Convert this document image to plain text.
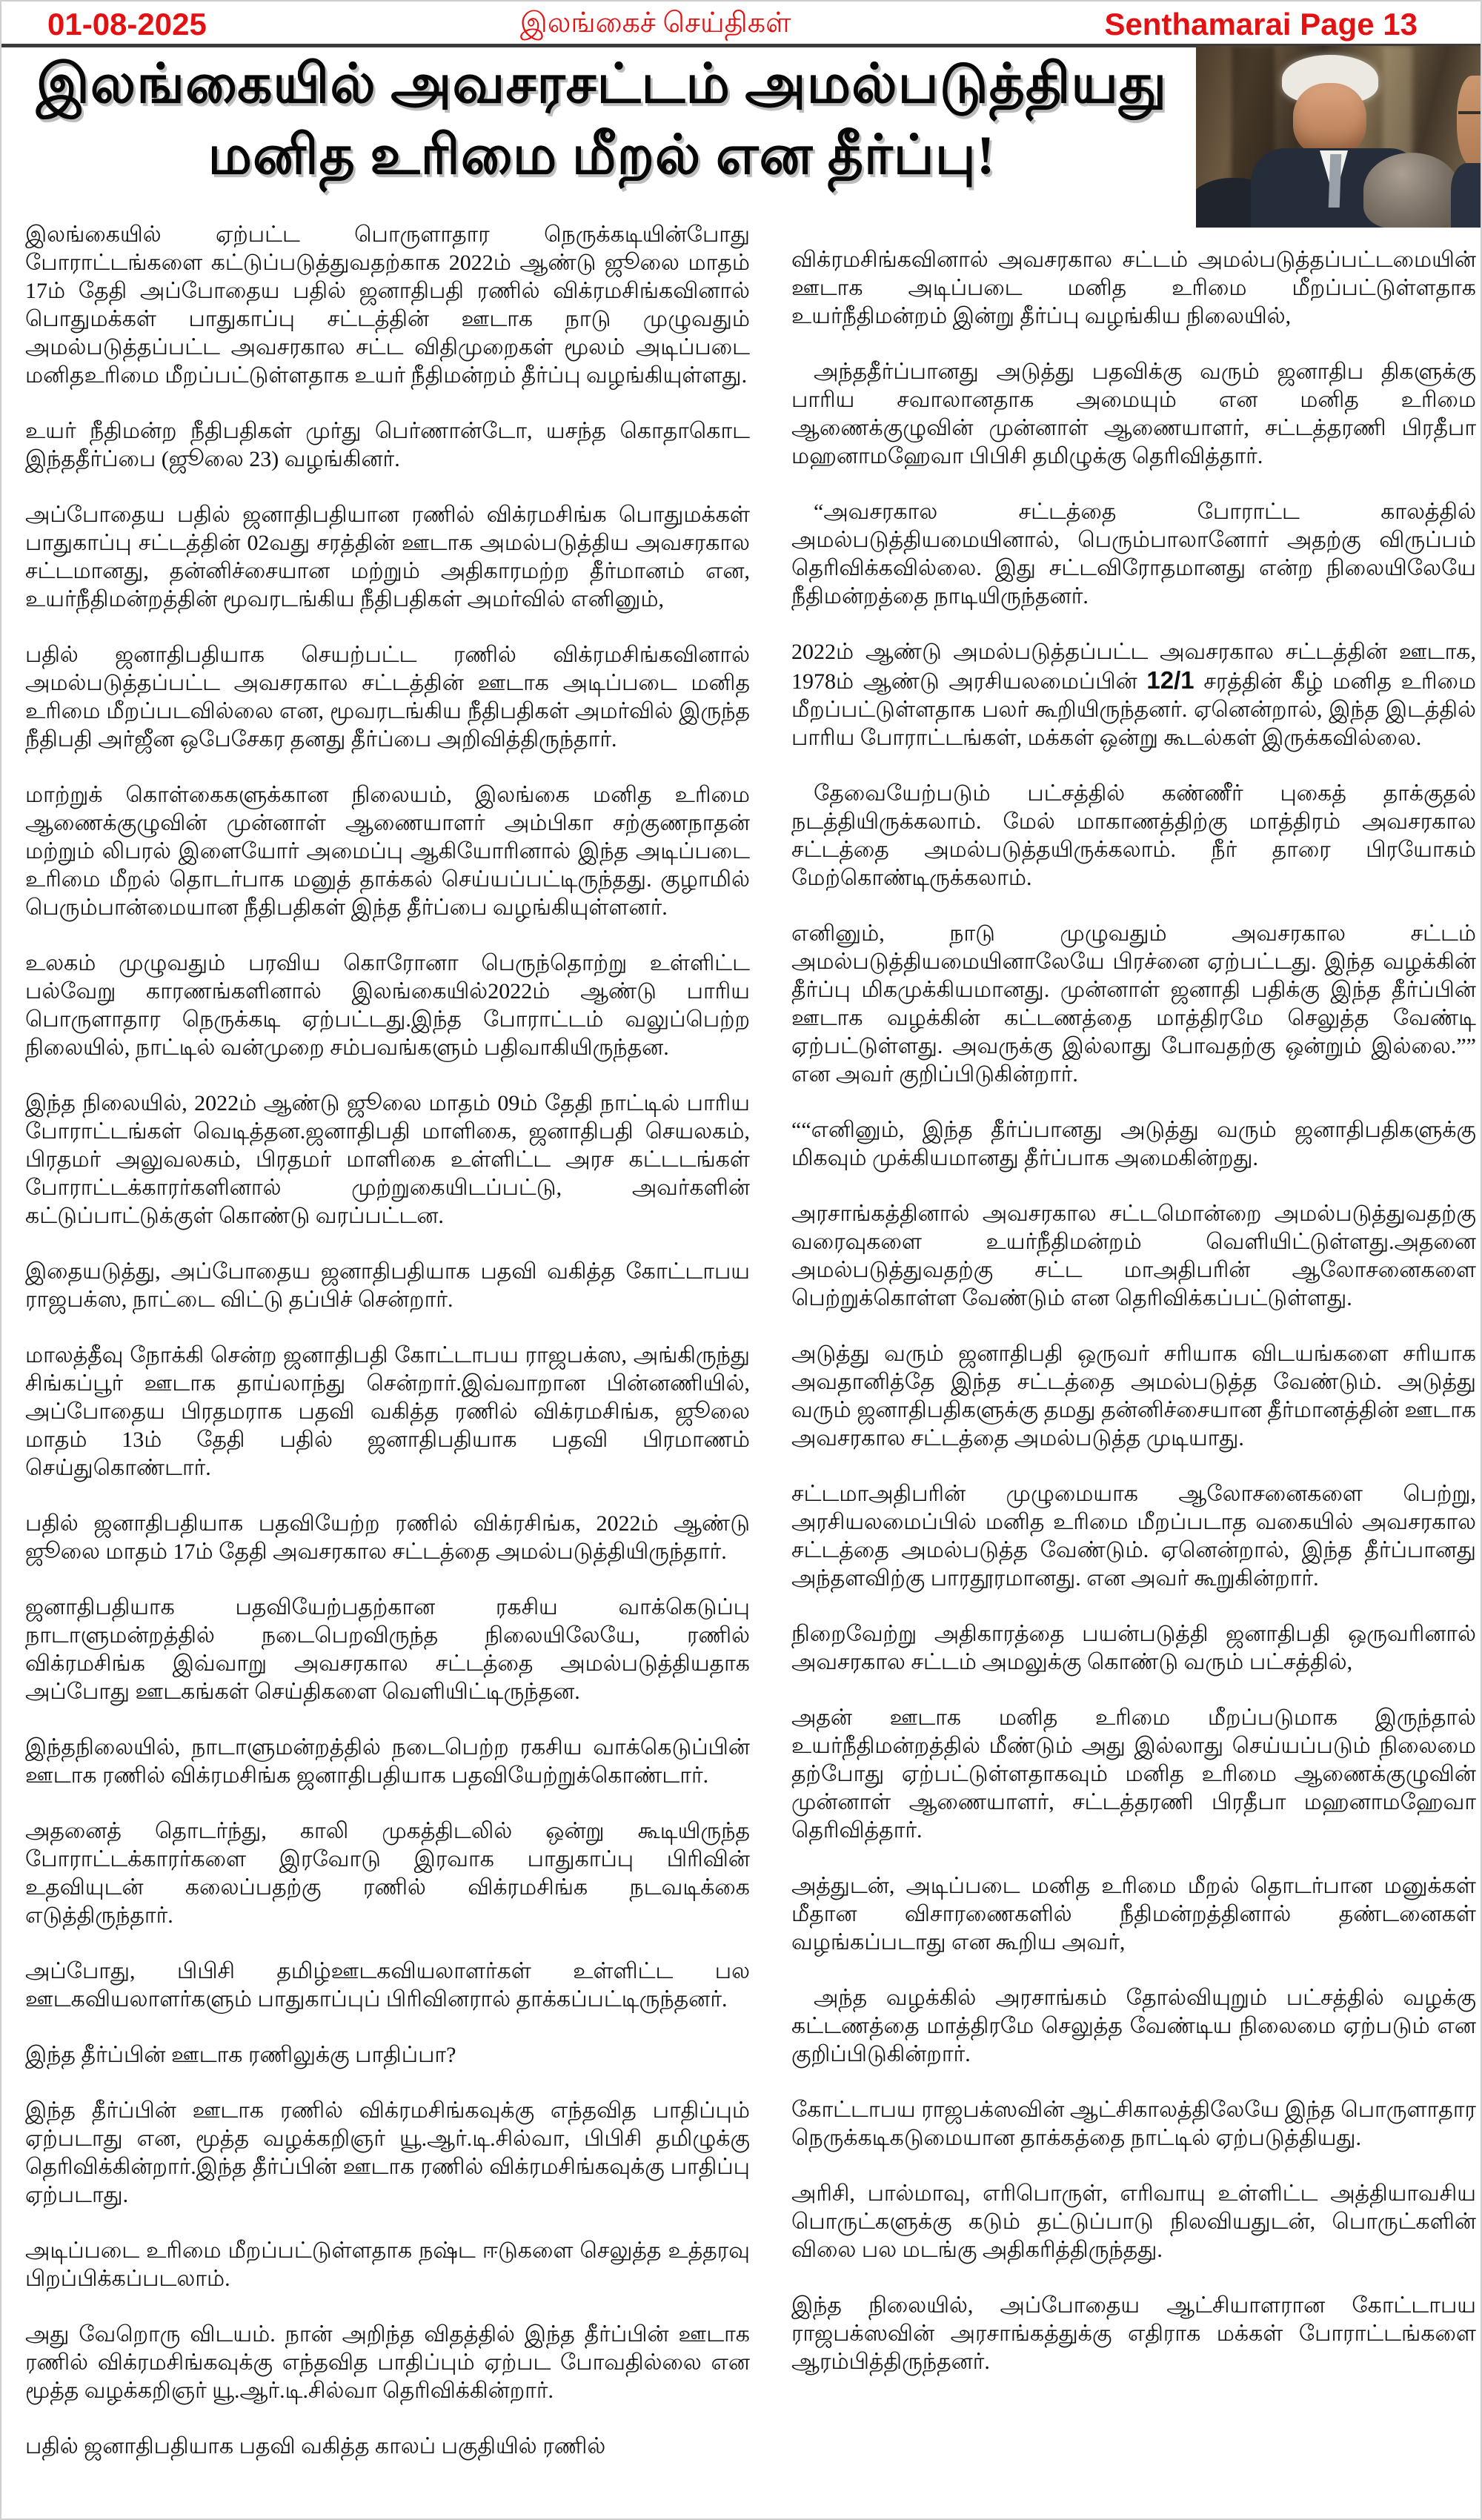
01-08-2025	இலங்கைச் செய்திகள்	Senthamarai Page 13
இலங்கையில் அவசரசட்டம் அமல்படுத்தியது
மனித உரிமை மீறல் என தீர்ப்பு!

இலங்கையில் ஏற்பட்ட பொருளாதார நெருக்கடியின்போது போராட்டங்களை கட்டுப்படுத்துவதற்காக 2022ம் ஆண்டு ஜூலை மாதம் 17ம் தேதி அப்போதைய பதில் ஜனாதிபதி ரணில் விக்ரமசிங்கவினால் பொதுமக்கள் பாதுகாப்பு சட்டத்தின் ஊடாக நாடு முழுவதும் அமல்படுத்தப்பட்ட அவசரகால சட்ட விதிமுறைகள் மூலம் அடிப்படை மனிதஉரிமை மீறப்பட்டுள்ளதாக உயர் நீதிமன்றம் தீர்ப்பு வழங்கியுள்ளது.

உயர் நீதிமன்ற நீதிபதிகள் முர்து பெர்ணான்டோ, யசந்த கொதாகொட இந்ததீர்ப்பை (ஜூலை 23) வழங்கினர்.

அப்போதைய பதில் ஜனாதிபதியான ரணில் விக்ரமசிங்க பொதுமக்கள் பாதுகாப்பு சட்டத்தின் 02வது சரத்தின் ஊடாக அமல்படுத்திய அவசரகால சட்டமானது, தன்னிச்சையான மற்றும் அதிகாரமற்ற தீர்மானம் என, உயர்நீதிமன்றத்தின் மூவரடங்கிய நீதிபதிகள் அமர்வில் எனினும்,

பதில் ஜனாதிபதியாக செயற்பட்ட ரணில் விக்ரமசிங்கவினால் அமல்படுத்தப்பட்ட அவசரகால சட்டத்தின் ஊடாக அடிப்படை மனித உரிமை மீறப்படவில்லை என, மூவரடங்கிய நீதிபதிகள் அமர்வில் இருந்த நீதிபதி அர்ஜீன ஒபேசேகர தனது தீர்ப்பை அறிவித்திருந்தார்.

மாற்றுக் கொள்கைகளுக்கான நிலையம், இலங்கை மனித உரிமை ஆணைக்குழுவின் முன்னாள் ஆணையாளர் அம்பிகா சற்குணநாதன் மற்றும் லிபரல் இளையோர் அமைப்பு ஆகியோரினால் இந்த அடிப்படை உரிமை மீறல் தொடர்பாக மனுத் தாக்கல் செய்யப்பட்டிருந்தது. குழாமில் பெரும்பான்மையான நீதிபதிகள் இந்த தீர்ப்பை வழங்கியுள்ளனர்.

உலகம் முழுவதும் பரவிய கொரோனா பெருந்தொற்று உள்ளிட்ட பல்வேறு காரணங்களினால் இலங்கையில்2022ம் ஆண்டு பாரிய பொருளாதார நெருக்கடி ஏற்பட்டது.இந்த போராட்டம் வலுப்பெற்ற நிலையில், நாட்டில் வன்முறை சம்பவங்களும் பதிவாகியிருந்தன.

இந்த நிலையில், 2022ம் ஆண்டு ஜூலை மாதம் 09ம் தேதி நாட்டில் பாரிய போராட்டங்கள் வெடித்தன.ஜனாதிபதி மாளிகை, ஜனாதிபதி செயலகம், பிரதமர் அலுவலகம், பிரதமர் மாளிகை உள்ளிட்ட அரச கட்டடங்கள் போராட்டக்காரர்களினால் முற்றுகையிடப்பட்டு, அவர்களின் கட்டுப்பாட்டுக்குள் கொண்டு வரப்பட்டன.

இதையடுத்து, அப்போதைய ஜனாதிபதியாக பதவி வகித்த கோட்டாபய ராஜபக்ஸ, நாட்டை விட்டு தப்பிச் சென்றார்.

மாலத்தீவு நோக்கி சென்ற ஜனாதிபதி கோட்டாபய ராஜபக்ஸ, அங்கிருந்து சிங்கப்பூர் ஊடாக தாய்லாந்து சென்றார்.இவ்வாறான பின்னணியில், அப்போதைய பிரதமராக பதவி வகித்த ரணில் விக்ரமசிங்க, ஜூலை மாதம் 13ம் தேதி பதில் ஜனாதிபதியாக பதவி பிரமாணம் செய்துகொண்டார்.

பதில் ஜனாதிபதியாக பதவியேற்ற ரணில் விக்ரசிங்க, 2022ம் ஆண்டு ஜூலை மாதம் 17ம் தேதி அவசரகால சட்டத்தை அமல்படுத்தியிருந்தார்.

ஜனாதிபதியாக பதவியேற்பதற்கான ரகசிய வாக்கெடுப்பு நாடாளுமன்றத்தில் நடைபெறவிருந்த நிலையிலேயே, ரணில் விக்ரமசிங்க இவ்வாறு அவசரகால சட்டத்தை அமல்படுத்தியதாக அப்போது ஊடகங்கள் செய்திகளை வெளியிட்டிருந்தன.

இந்தநிலையில், நாடாளுமன்றத்தில் நடைபெற்ற ரகசிய வாக்கெடுப்பின் ஊடாக ரணில் விக்ரமசிங்க ஜனாதிபதியாக பதவியேற்றுக்கொண்டார்.

அதனைத் தொடர்ந்து, காலி முகத்திடலில் ஒன்று கூடியிருந்த போராட்டக்காரர்களை இரவோடு இரவாக பாதுகாப்பு பிரிவின் உதவியுடன் கலைப்பதற்கு ரணில் விக்ரமசிங்க நடவடிக்கை எடுத்திருந்தார்.

அப்போது, பிபிசி தமிழ்ஊடகவியலாளர்கள் உள்ளிட்ட பல ஊடகவியலாளர்களும் பாதுகாப்புப் பிரிவினரால் தாக்கப்பட்டிருந்தனர்.

இந்த தீர்ப்பின் ஊடாக ரணிலுக்கு பாதிப்பா?

இந்த தீர்ப்பின் ஊடாக ரணில் விக்ரமசிங்கவுக்கு எந்தவித பாதிப்பும் ஏற்படாது என, மூத்த வழக்கறிஞர் யூ.ஆர்.டி.சில்வா, பிபிசி தமிழுக்கு தெரிவிக்கின்றார்.இந்த தீர்ப்பின் ஊடாக ரணில் விக்ரமசிங்கவுக்கு பாதிப்பு ஏற்படாது.

அடிப்படை உரிமை மீறப்பட்டுள்ளதாக நஷ்ட ஈடுகளை செலுத்த உத்தரவு பிறப்பிக்கப்படலாம்.

அது வேறொரு விடயம். நான் அறிந்த விதத்தில் இந்த தீர்ப்பின் ஊடாக ரணில் விக்ரமசிங்கவுக்கு எந்தவித பாதிப்பும் ஏற்பட போவதில்லை என மூத்த வழக்கறிஞர் யூ.ஆர்.டி.சில்வா தெரிவிக்கின்றார்.

பதில் ஜனாதிபதியாக பதவி வகித்த காலப் பகுதியில் ரணில்

விக்ரமசிங்கவினால் அவசரகால சட்டம் அமல்படுத்தப்பட்டமையின் ஊடாக அடிப்படை மனித உரிமை மீறப்பட்டுள்ளதாக உயர்நீதிமன்றம் இன்று தீர்ப்பு வழங்கிய நிலையில்,

அந்ததீர்ப்பானது அடுத்து பதவிக்கு வரும் ஜனாதிப திகளுக்கு பாரிய சவாலானதாக அமையும் என மனித உரிமை ஆணைக்குழுவின் முன்னாள் ஆணையாளர், சட்டத்தரணி பிரதீபா மஹனாமஹேவா பிபிசி தமிழுக்கு தெரிவித்தார்.

“அவசரகால சட்டத்தை போராட்ட காலத்தில் அமல்படுத்தியமையினால், பெரும்பாலானோர் அதற்கு விருப்பம் தெரிவிக்கவில்லை. இது சட்டவிரோதமானது என்ற நிலையிலேயே நீதிமன்றத்தை நாடியிருந்தனர்.

2022ம் ஆண்டு அமல்படுத்தப்பட்ட அவசரகால சட்டத்தின் ஊடாக, 1978ம் ஆண்டு அரசியலமைப்பின் 12/1 சரத்தின் கீழ் மனித உரிமை மீறப்பட்டுள்ளதாக பலர் கூறியிருந்தனர். ஏனென்றால், இந்த இடத்தில் பாரிய போராட்டங்கள், மக்கள் ஒன்று கூடல்கள் இருக்கவில்லை.

தேவையேற்படும் பட்சத்தில் கண்ணீர் புகைத் தாக்குதல் நடத்தியிருக்கலாம். மேல் மாகாணத்திற்கு மாத்திரம் அவசரகால சட்டத்தை அமல்படுத்தயிருக்கலாம். நீர் தாரை பிரயோகம் மேற்கொண்டிருக்கலாம்.

எனினும், நாடு முழுவதும் அவசரகால சட்டம் அமல்படுத்தியமையினாலேயே பிரச்னை ஏற்பட்டது. இந்த வழக்கின் தீர்ப்பு மிகமுக்கியமானது. முன்னாள் ஜனாதி பதிக்கு இந்த தீர்ப்பின் ஊடாக வழக்கின் கட்டணத்தை மாத்திரமே செலுத்த வேண்டி ஏற்பட்டுள்ளது. அவருக்கு இல்லாது போவதற்கு ஒன்றும் இல்லை.”” என அவர் குறிப்பிடுகின்றார்.

““எனினும், இந்த தீர்ப்பானது அடுத்து வரும் ஜனாதிபதிகளுக்கு மிகவும் முக்கியமானது தீர்ப்பாக அமைகின்றது.

அரசாங்கத்தினால் அவசரகால சட்டமொன்றை அமல்படுத்துவதற்கு வரைவுகளை உயர்நீதிமன்றம் வெளியிட்டுள்ளது.அதனை அமல்படுத்துவதற்கு சட்ட மாஅதிபரின் ஆலோசனைகளை பெற்றுக்கொள்ள வேண்டும் என தெரிவிக்கப்பட்டுள்ளது.

அடுத்து வரும் ஜனாதிபதி ஒருவர் சரியாக விடயங்களை சரியாக அவதானித்தே இந்த சட்டத்தை அமல்படுத்த வேண்டும். அடுத்து வரும் ஜனாதிபதிகளுக்கு தமது தன்னிச்சையான தீர்மானத்தின் ஊடாக அவசரகால சட்டத்தை அமல்படுத்த முடியாது.

சட்டமாஅதிபரின் முழுமையாக ஆலோசனைகளை பெற்று, அரசியலமைப்பில் மனித உரிமை மீறப்படாத வகையில் அவசரகால சட்டத்தை அமல்படுத்த வேண்டும். ஏனென்றால், இந்த தீர்ப்பானது அந்தளவிற்கு பாரதூரமானது. என அவர் கூறுகின்றார்.

நிறைவேற்று அதிகாரத்தை பயன்படுத்தி ஜனாதிபதி ஒருவரினால் அவசரகால சட்டம் அமலுக்கு கொண்டு வரும் பட்சத்தில்,

அதன் ஊடாக மனித உரிமை மீறப்படுமாக இருந்தால் உயர்நீதிமன்றத்தில் மீண்டும் அது இல்லாது செய்யப்படும் நிலைமை தற்போது ஏற்பட்டுள்ளதாகவும் மனித உரிமை ஆணைக்குழுவின் முன்னாள் ஆணையாளர், சட்டத்தரணி பிரதீபா மஹனாமஹேவா தெரிவித்தார்.

அத்துடன், அடிப்படை மனித உரிமை மீறல் தொடர்பான மனுக்கள் மீதான விசாரணைகளில் நீதிமன்றத்தினால் தண்டனைகள் வழங்கப்படாது என கூறிய அவர்,

அந்த வழக்கில் அரசாங்கம் தோல்வியுறும் பட்சத்தில் வழக்கு கட்டணத்தை மாத்திரமே செலுத்த வேண்டிய நிலைமை ஏற்படும் என குறிப்பிடுகின்றார்.

கோட்டாபய ராஜபக்ஸவின் ஆட்சிகாலத்திலேயே இந்த பொருளாதார நெருக்கடிகடுமையான தாக்கத்தை நாட்டில் ஏற்படுத்தியது.

அரிசி, பால்மாவு, எரிபொருள், எரிவாயு உள்ளிட்ட அத்தியாவசிய பொருட்களுக்கு கடும் தட்டுப்பாடு நிலவியதுடன், பொருட்களின் விலை பல மடங்கு அதிகரித்திருந்தது.

இந்த நிலையில், அப்போதைய ஆட்சியாளரான கோட்டாபய ராஜபக்ஸவின் அரசாங்கத்துக்கு எதிராக மக்கள் போராட்டங்களை ஆரம்பித்திருந்தனர்.
